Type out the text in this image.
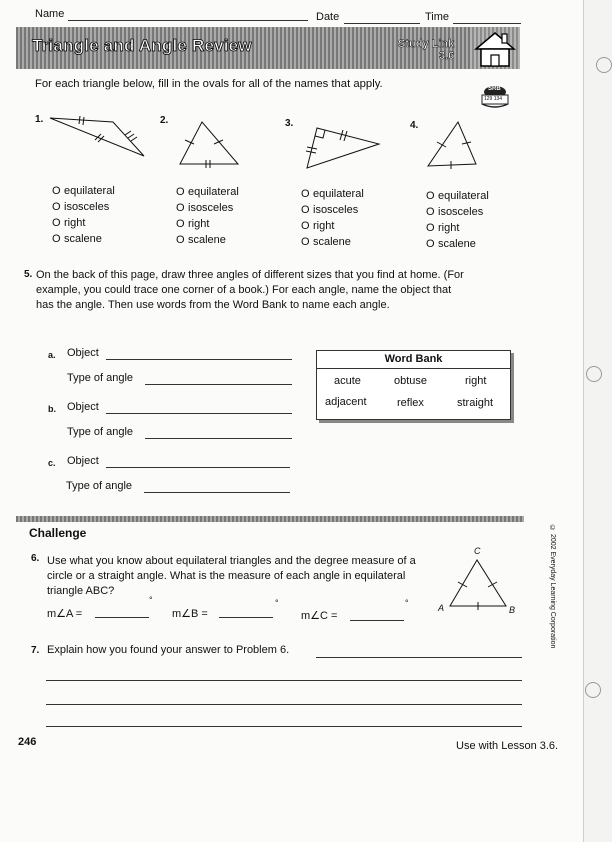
Name	Date	Time
Triangle and Angle Review	Study Link
3.6
For each triangle below, fill in the ovals for all of the names that apply.	SRB
129 134
1.	2.	3.	4.
O equilateral
O isosceles
O right
O scalene
O equilateral
O isosceles
O right
O scalene
O equilateral
O isosceles
O right
O scalene
O equilateral
O isosceles
O right
O scalene
5. On the back of this page, draw three angles of different sizes that you find at home. (For example, you could trace one corner of a book.) For each angle, name the object that has the angle. Then use words from the Word Bank to name each angle.
a. Object
Type of angle
b. Object
Type of angle
c. Object
Type of angle
Word Bank
acute	obtuse	right
adjacent	reflex	straight
Challenge
6. Use what you know about equilateral triangles and the degree measure of a circle or a straight angle. What is the measure of each angle in equilateral triangle ABC?
m∠A =
°
m∠B =
°
m∠C =
°
C
A	B
7. Explain how you found your answer to Problem 6.
246	Use with Lesson 3.6.
© 2002 Everyday Learning Corporation
